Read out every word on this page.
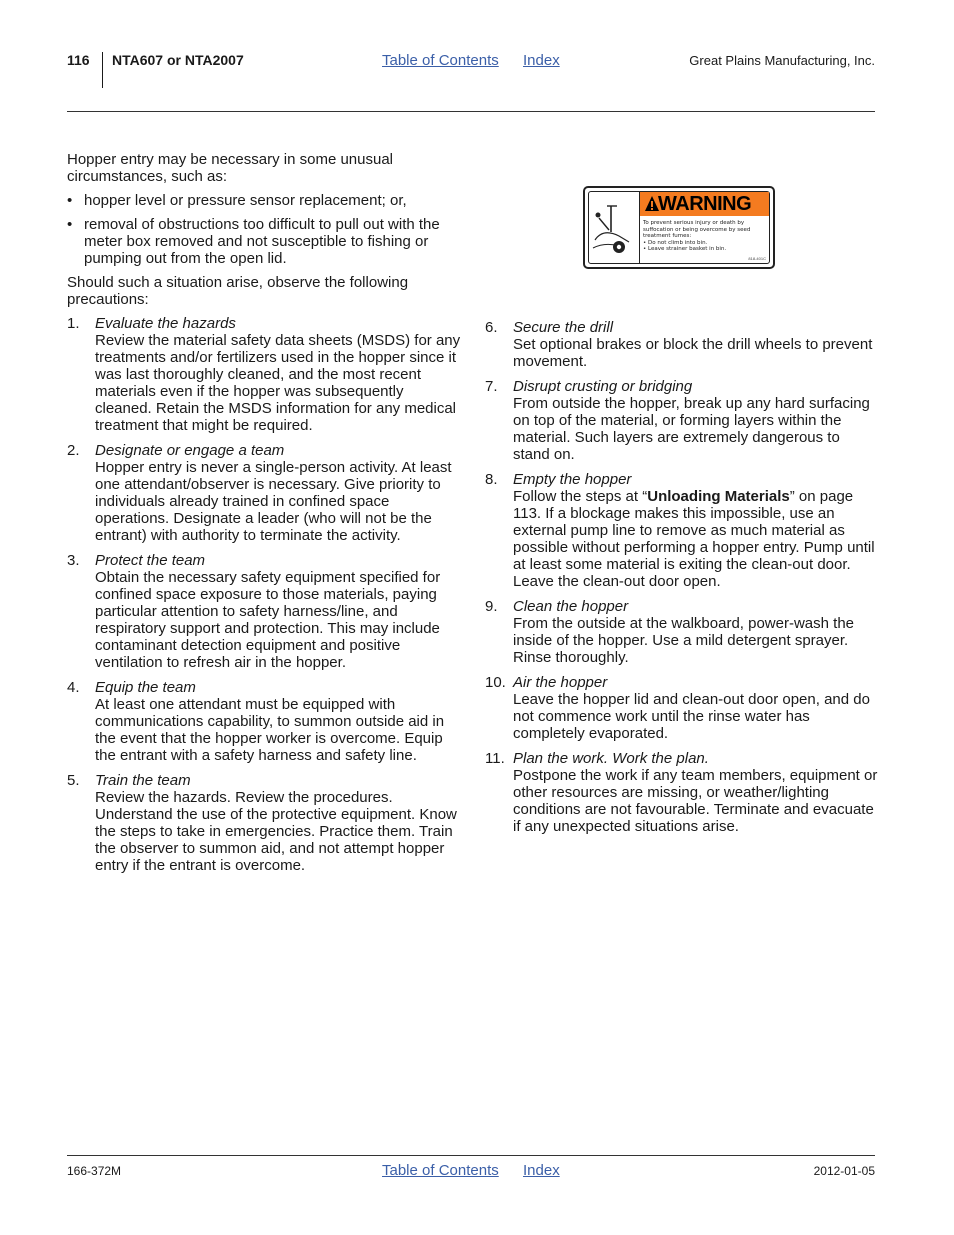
116 NTA607 or NTA2007	Table of Contents Index	Great Plains Manufacturing, Inc.

Hopper entry may be necessary in some unusual circumstances, such as:

• hopper level or pressure sensor replacement; or,
• removal of obstructions too difficult to pull out with the meter box removed and not susceptible to fishing or pumping out from the open lid.

Should such a situation arise, observe the following precautions:

1. Evaluate the hazards
Review the material safety data sheets (MSDS) for any treatments and/or fertilizers used in the hopper since it was last thoroughly cleaned, and the most recent materials even if the hopper was subsequently cleaned. Retain the MSDS information for any medical treatment that might be required.
2. Designate or engage a team
Hopper entry is never a single-person activity. At least one attendant/observer is necessary. Give priority to individuals already trained in confined space operations. Designate a leader (who will not be the entrant) with authority to terminate the activity.
3. Protect the team
Obtain the necessary safety equipment specified for confined space exposure to those materials, paying particular attention to safety harness/line, and respiratory support and protection. This may include contaminant detection equipment and positive ventilation to refresh air in the hopper.
4. Equip the team
At least one attendant must be equipped with communications capability, to summon outside aid in the event that the hopper worker is overcome. Equip the entrant with a safety harness and safety line.
5. Train the team
Review the hazards. Review the procedures. Understand the use of the protective equipment. Know the steps to take in emergencies. Practice them. Train the observer to summon aid, and not attempt hopper entry if the entrant is overcome.
WARNING
To prevent serious injury or death by suffocation or being overcome by seed treatment fumes:
• Do not climb into bin.
• Leave strainer basket in bin.
818-401C
6. Secure the drill
Set optional brakes or block the drill wheels to prevent movement.
7. Disrupt crusting or bridging
From outside the hopper, break up any hard surfacing on top of the material, or forming layers within the material. Such layers are extremely dangerous to stand on.
8. Empty the hopper
Follow the steps at “Unloading Materials” on page 113. If a blockage makes this impossible, use an external pump line to remove as much material as possible without performing a hopper entry. Pump until at least some material is exiting the clean-out door. Leave the clean-out door open.
9. Clean the hopper
From the outside at the walkboard, power-wash the inside of the hopper. Use a mild detergent sprayer. Rinse thoroughly.
10. Air the hopper
Leave the hopper lid and clean-out door open, and do not commence work until the rinse water has completely evaporated.
11. Plan the work. Work the plan.
Postpone the work if any team members, equipment or other resources are missing, or weather/lighting conditions are not favourable. Terminate and evacuate if any unexpected situations arise.
166-372M	Table of Contents Index	2012-01-05
